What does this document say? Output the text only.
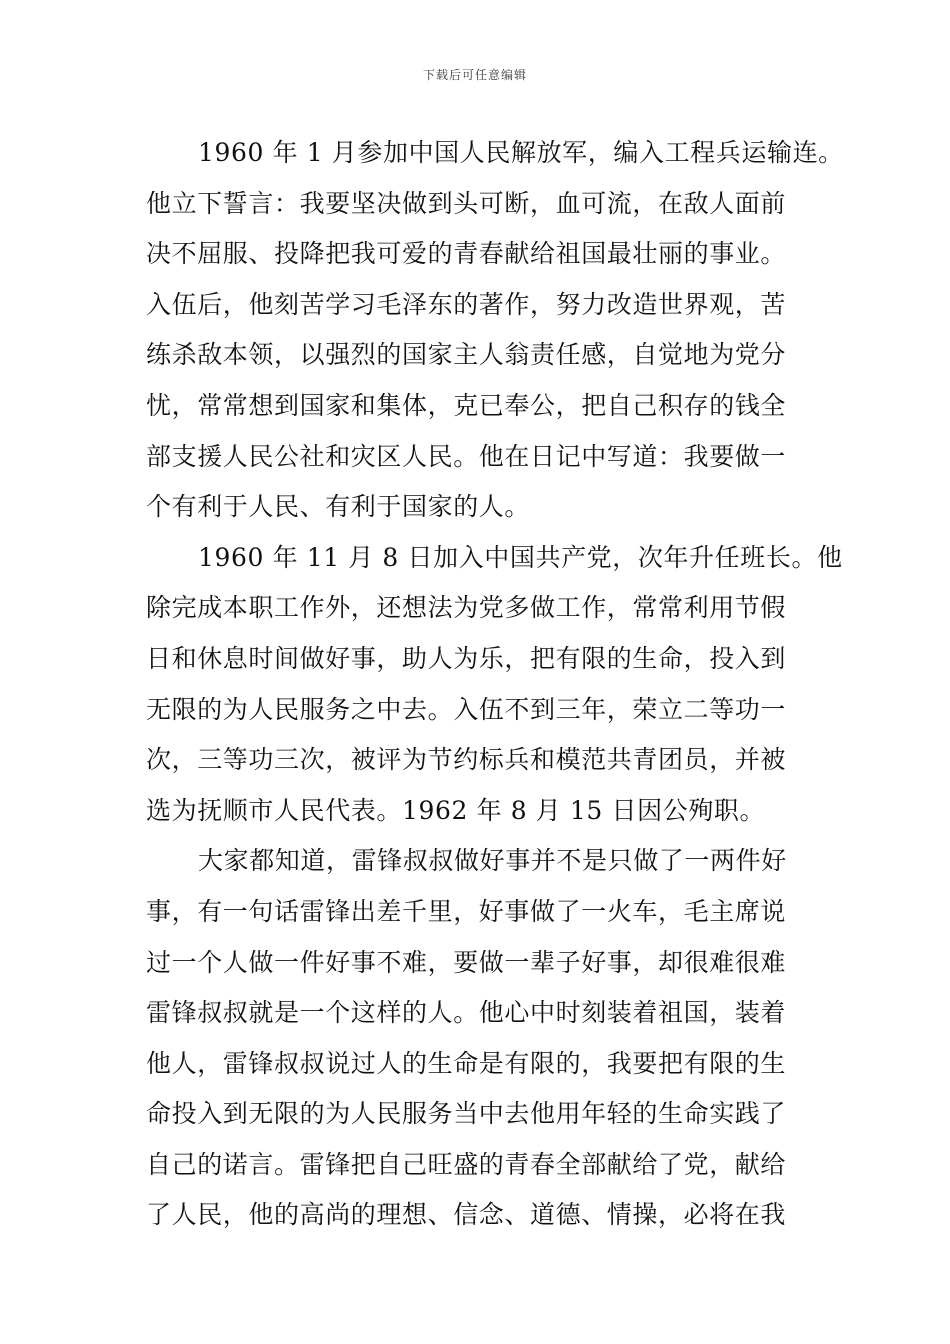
下载后可任意编辑
1960 年 1 月参加中国人民解放军，编入工程兵运输连。
他立下誓言：我要坚决做到头可断，血可流，在敌人面前
决不屈服、投降把我可爱的青春献给祖国最壮丽的事业。
入伍后，他刻苦学习毛泽东的著作，努力改造世界观，苦
练杀敌本领，以强烈的国家主人翁责任感，自觉地为党分
忧，常常想到国家和集体，克已奉公，把自己积存的钱全
部支援人民公社和灾区人民。他在日记中写道：我要做一
个有利于人民、有利于国家的人。
1960 年 11 月 8 日加入中国共产党，次年升任班长。他
除完成本职工作外，还想法为党多做工作，常常利用节假
日和休息时间做好事，助人为乐，把有限的生命，投入到
无限的为人民服务之中去。入伍不到三年，荣立二等功一
次，三等功三次，被评为节约标兵和模范共青团员，并被
选为抚顺市人民代表。1962 年 8 月 15 日因公殉职。
大家都知道，雷锋叔叔做好事并不是只做了一两件好
事，有一句话雷锋出差千里，好事做了一火车，毛主席说
过一个人做一件好事不难，要做一辈子好事，却很难很难
雷锋叔叔就是一个这样的人。他心中时刻装着祖国，装着
他人，雷锋叔叔说过人的生命是有限的，我要把有限的生
命投入到无限的为人民服务当中去他用年轻的生命实践了
自己的诺言。雷锋把自己旺盛的青春全部献给了党，献给
了人民，他的高尚的理想、信念、道德、情操，必将在我
